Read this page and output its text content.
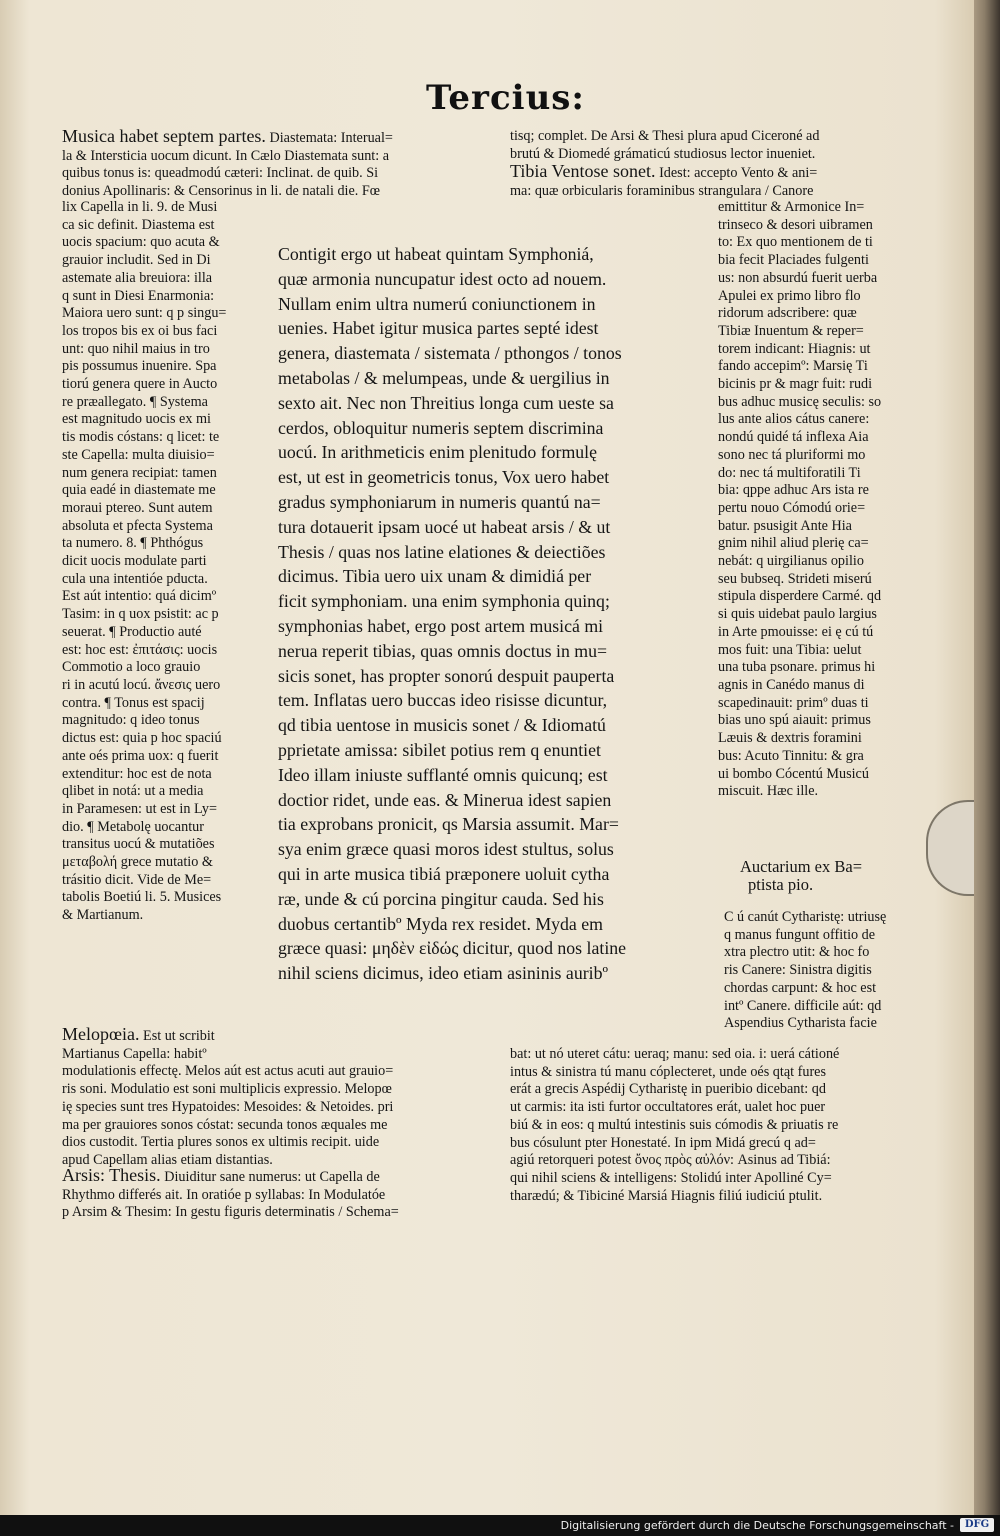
Tercius:
Musica habet septem partes. Diastemata: Interual=
la & Intersticia uocum dicunt. In Cælo Diastemata sunt: a
quibus tonus is: queadmodú cæteri: Inclinat. de quib. Si
donius Apollinaris: & Censorinus in li. de natali die. Fœ
tisq; complet. De Arsi & Thesi plura apud Ciceroné ad
brutú & Diomedé grámaticú studiosus lector inueniet.
Tibia Ventose sonet. Idest: accepto Vento & ani=
ma: quæ orbicularis foraminibus strangulara / Canore
lix Capella in li. 9. de Musi
ca sic definit. Diastema est
uocis spacium: quo acuta &
grauior includit. Sed in Di
astemate alia breuiora: illa
q sunt in Diesi Enarmonia:
Maiora uero sunt: q p singu=
los tropos bis ex oi bus faci
unt: quo nihil maius in tro
pis possumus inuenire. Spa
tiorú genera quere in Aucto
re præallegato. ¶ Systema
est magnitudo uocis ex mi
tis modis cóstans: q licet: te
ste Capella: multa diuisio=
num genera recipiat: tamen
quia eadé in diastemate me
moraui ptereo. Sunt autem
absoluta et pfecta Systema
ta numero. 8. ¶ Phthógus
dicit uocis modulate parti
cula una intentióe pducta.
Est aút intentio: quá dicimº
Tasim: in q uox psistit: ac p
seuerat. ¶ Productio auté
est: hoc est: ἐπιτάσις: uocis
Commotio a loco grauio
ri in acutú locú. ἄνεσις uero
contra. ¶ Tonus est spacij
magnitudo: q ideo tonus
dictus est: quia p hoc spaciú
ante oés prima uox: q fuerit
extenditur: hoc est de nota
qlibet in notá: ut a media
in Paramesen: ut est in Ly=
dio. ¶ Metabolę uocantur
transitus uocú & mutatiões
μεταβολή grece mutatio &
trásitio dicit. Vide de Me=
tabolis Boetiú li. 5. Musices
& Martianum.
Contigit ergo ut habeat quintam Symphoniá,
quæ armonia nuncupatur idest octo ad nouem.
Nullam enim ultra numerú coniunctionem in
uenies. Habet igitur musica partes septé idest
genera, diastemata / sistemata / pthongos / tonos
metabolas / & melumpeas, unde & uergilius in
sexto ait. Nec non Threitius longa cum ueste sa
cerdos, obloquitur numeris septem discrimina
uocú. In arithmeticis enim plenitudo formulę
est, ut est in geometricis tonus, Vox uero habet
gradus symphoniarum in numeris quantú na=
tura dotauerit ipsam uocé ut habeat arsis / & ut
Thesis / quas nos latine elationes & deiectiões
dicimus. Tibia uero uix unam & dimidiá per
ficit symphoniam. una enim symphonia quinq;
symphonias habet, ergo post artem musicá mi
nerua reperit tibias, quas omnis doctus in mu=
sicis sonet, has propter sonorú despuit pauperta
tem. Inflatas uero buccas ideo risisse dicuntur,
qd tibia uentose in musicis sonet / & Idiomatú
pprietate amissa: sibilet potius rem q enuntiet
Ideo illam iniuste sufflanté omnis quicunq; est
doctior ridet, unde eas. & Minerua idest sapien
tia exprobans pronicit, qs Marsia assumit. Mar=
sya enim græce quasi moros idest stultus, solus
qui in arte musica tibiá præponere uoluit cytha
ræ, unde & cú porcina pingitur cauda. Sed his
duobus certantibº Myda rex residet. Myda em
græce quasi: μηδὲν εἰδώς dicitur, quod nos latine
nihil sciens dicimus, ideo etiam asininis auribº
emittitur & Armonice In=
trinseco & desori uibramen
to: Ex quo mentionem de ti
bia fecit Placiades fulgenti
us: non absurdú fuerit uerba
Apulei ex primo libro flo
ridorum adscribere: quæ
Tibiæ Inuentum & reper=
torem indicant: Hiagnis: ut
fando accepimº: Marsię Ti
bicinis pr & magr fuit: rudi
bus adhuc musicę seculis: so
lus ante alios cátus canere:
nondú quidé tá inflexa Aia
sono nec tá pluriformi mo
do: nec tá multiforatili Ti
bia: qppe adhuc Ars ista re
pertu nouo Cómodú orie=
batur. psusigit Ante Hia
gnim nihil aliud plerię ca=
nebát: q uirgilianus opilio
seu bubseq. Strideti miserú
stipula disperdere Carmé. qd
si quis uidebat paulo largius
in Arte pmouisse: ei ę cú tú
mos fuit: una Tibia: uelut
una tuba psonare. primus hi
agnis in Canédo manus di
scapedinauit: primº duas ti
bias uno spú aiauit: primus
Læuis & dextris foramini
bus: Acuto Tinnitu: & gra
ui bombo Cócentú Musicú
miscuit. Hæc ille.
Auctarium ex Ba=
ptista pio.
C ú canút Cytharistę: utriusę
q manus fungunt offitio de
xtra plectro utit: & hoc fo
ris Canere: Sinistra digitis
chordas carpunt: & hoc est
intº Canere. difficile aút: qd
Aspendius Cytharista facie
Melopœia. Est ut scribit
Martianus Capella: habitº
modulationis effectę. Melos aút est actus acuti aut grauio=
ris soni. Modulatio est soni multiplicis expressio. Melopœ
ię species sunt tres Hypatoides: Mesoides: & Netoides. pri
ma per grauiores sonos cóstat: secunda tonos æquales me
dios custodit. Tertia plures sonos ex ultimis recipit. uide
apud Capellam alias etiam distantias.
Arsis: Thesis. Diuiditur sane numerus: ut Capella de
Rhythmo differés ait. In oratióe p syllabas: In Modulatóe
p Arsim & Thesim: In gestu figuris determinatis / Schema=
bat: ut nó uteret cátu: ueraq; manu: sed oia. i: uerá cátioné
intus & sinistra tú manu cóplecteret, unde oés qtąt fures
erát a grecis Aspédij Cytharistę in pueribio dicebant: qd
ut carmis: ita isti furtor occultatores erát, ualet hoc puer
biú & in eos: q multú intestinis suis cómodis & priuatis re
bus cósulunt pter Honestaté. In ipm Midá grecú q ad=
agiú retorqueri potest ὄνος πρὸς αὐλόν: Asinus ad Tibiá:
qui nihil sciens & intelligens: Stolidú inter Apolliné Cy=
tharædú; & Tibiciné Marsiá Hiagnis filiú iudiciú ptulit.
Digitalisierung gefördert durch die Deutsche Forschungsgemeinschaft -	DFG
